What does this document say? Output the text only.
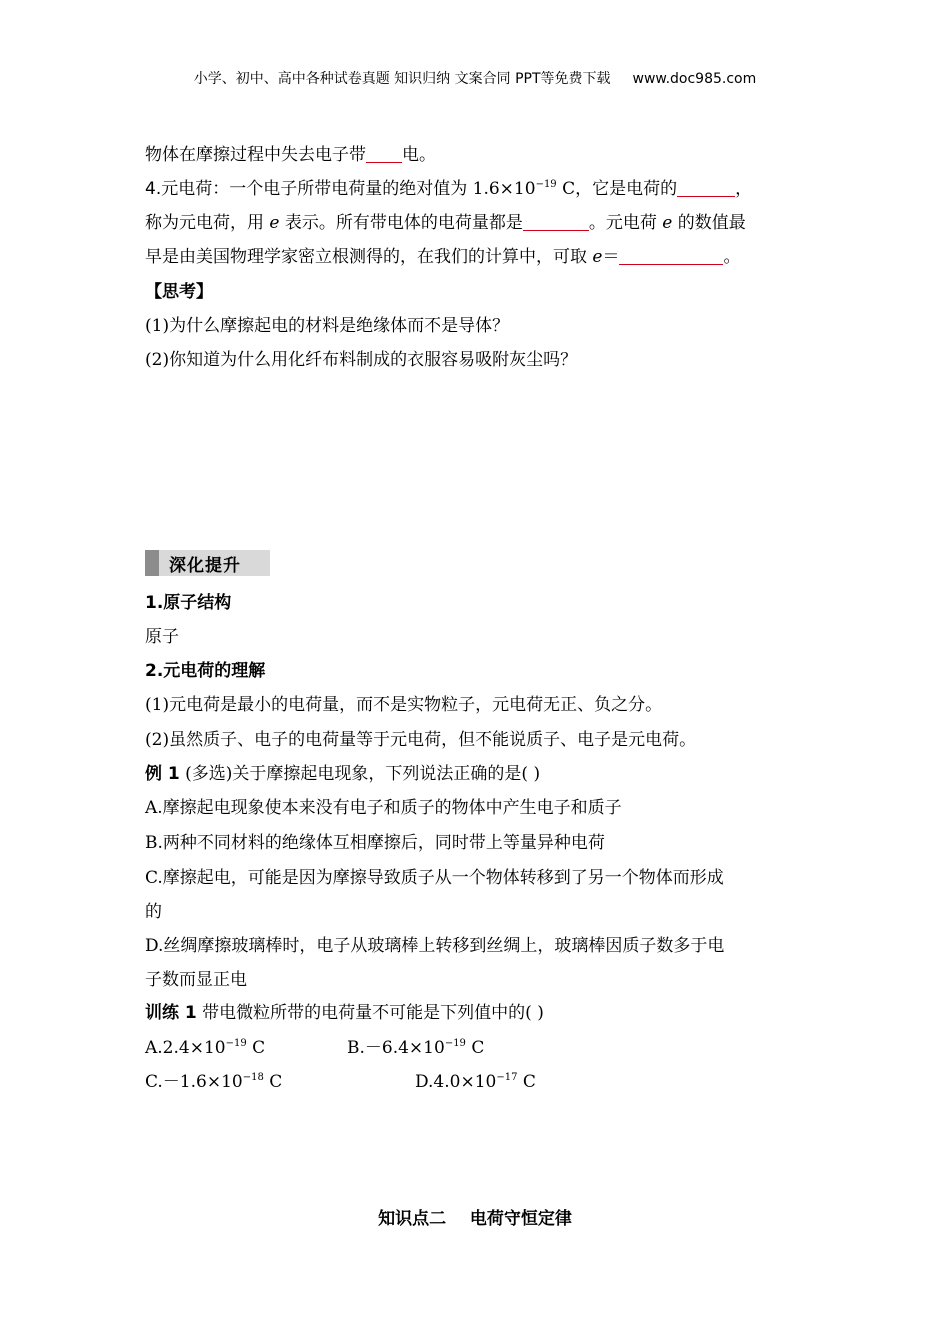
小学、初中、高中各种试卷真题 知识归纳 文案合同 PPT等免费下载 www.doc985.com
物体在摩擦过程中失去电子带 电。
4.元电荷：一个电子所带电荷量的绝对值为 $1.6\times 10^{-19}$ C，它是电荷的	，
称为元电荷，用 e 表示。所有带电体的电荷量都是	。元电荷 e 的数值最
早是由美国物理学家密立根测得的，在我们的计算中，可取 e＝	。
【思考】
(1)为什么摩擦起电的材料是绝缘体而不是导体？
(2)你知道为什么用化纤布料制成的衣服容易吸附灰尘吗？
深化提升
1.原子结构
原子
2.元电荷的理解
(1)元电荷是最小的电荷量，而不是实物粒子，元电荷无正、负之分。
(2)虽然质子、电子的电荷量等于元电荷，但不能说质子、电子是元电荷。
例 1 (多选)关于摩擦起电现象，下列说法正确的是( )
A.摩擦起电现象使本来没有电子和质子的物体中产生电子和质子
B.两种不同材料的绝缘体互相摩擦后，同时带上等量异种电荷
C.摩擦起电，可能是因为摩擦导致质子从一个物体转移到了另一个物体而形成
的
D.丝绸摩擦玻璃棒时，电子从玻璃棒上转移到丝绸上，玻璃棒因质子数多于电
子数而显正电
训练 1 带电微粒所带的电荷量不可能是下列值中的( )
$A.2.4\times 10^{-19}$ C	$B.-6.4\times 10^{-19}$ C
$C.-1.6\times 10^{-18}$ C	$D.4.0\times 10^{-17}$ C
知识点二    电荷守恒定律
